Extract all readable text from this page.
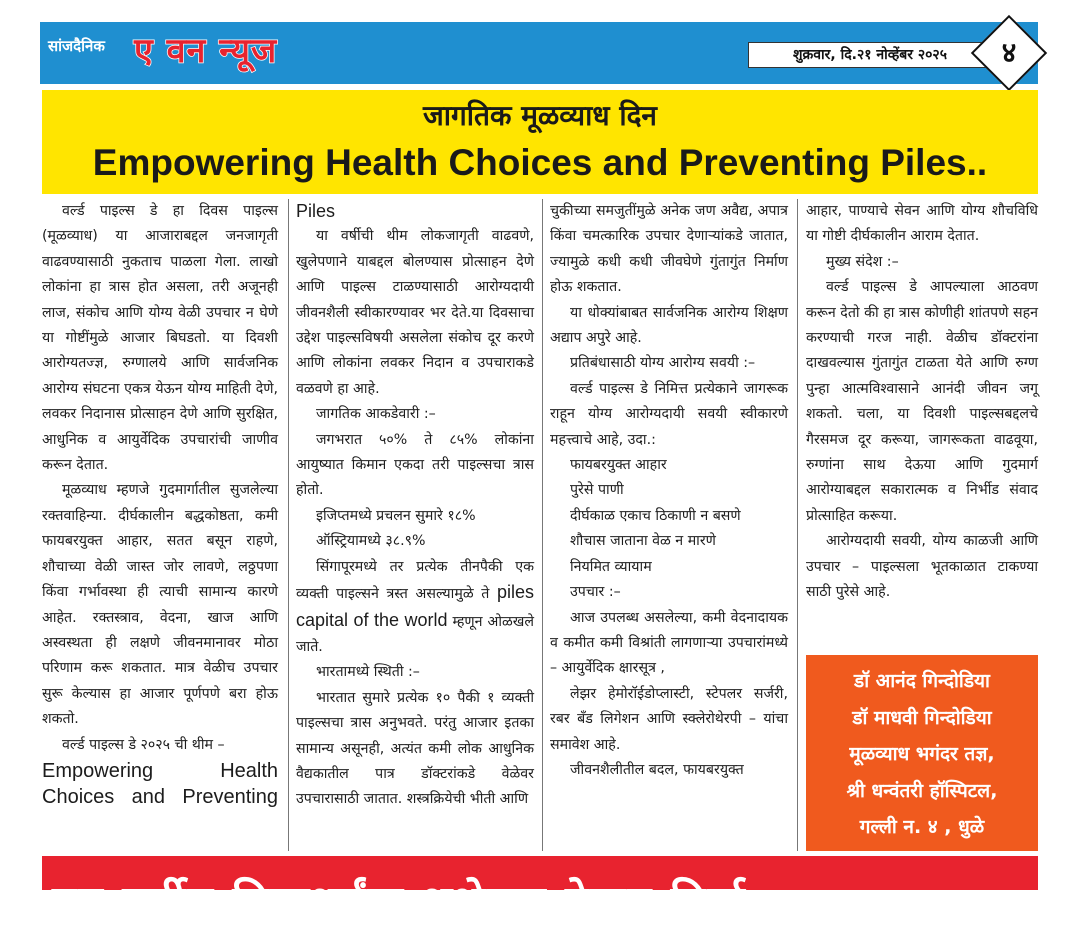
सांजदैनिक ए वन न्यूज	शुक्रवार, दि.२१ नोव्हेंबर २०२५	४
जागतिक मूळव्याध दिन
Empowering Health Choices and Preventing Piles..

वर्ल्ड पाइल्स डे हा दिवस पाइल्स (मूळव्याध) या आजाराबद्दल जनजागृती वाढवण्यासाठी नुकताच पाळला गेला. लाखो लोकांना हा त्रास होत असला, तरी अजूनही लाज, संकोच आणि योग्य वेळी उपचार न घेणे या गोष्टींमुळे आजार बिघडतो. या दिवशी आरोग्यतज्ज्ञ, रुग्णालये आणि सार्वजनिक आरोग्य संघटना एकत्र येऊन योग्य माहिती देणे, लवकर निदानास प्रोत्साहन देणे आणि सुरक्षित, आधुनिक व आयुर्वेदिक उपचारांची जाणीव करून देतात.

मूळव्याध म्हणजे गुदमार्गातील सुजलेल्या रक्तवाहिन्या. दीर्घकालीन बद्धकोष्ठता, कमी फायबरयुक्त आहार, सतत बसून राहणे, शौचाच्या वेळी जास्त जोर लावणे, लठ्ठपणा किंवा गर्भावस्था ही त्याची सामान्य कारणे आहेत. रक्तस्त्राव, वेदना, खाज आणि अस्वस्थता ही लक्षणे जीवनमानावर मोठा परिणाम करू शकतात. मात्र वेळीच उपचार सुरू केल्यास हा आजार पूर्णपणे बरा होऊ शकतो.

वर्ल्ड पाइल्स डे २०२५ ची थीम –

Empowering Health Choices and Preventing

Piles

या वर्षीची थीम लोकजागृती वाढवणे, खुलेपणाने याबद्दल बोलण्यास प्रोत्साहन देणे आणि पाइल्स टाळण्यासाठी आरोग्यदायी जीवनशैली स्वीकारण्यावर भर देते.या दिवसाचा उद्देश पाइल्सविषयी असलेला संकोच दूर करणे आणि लोकांना लवकर निदान व उपचाराकडे वळवणे हा आहे.

जागतिक आकडेवारी :–

जगभरात ५०% ते ८५% लोकांना आयुष्यात किमान एकदा तरी पाइल्सचा त्रास होतो.

इजिप्तमध्ये प्रचलन सुमारे १८%

ऑस्ट्रियामध्ये ३८.९%

सिंगापूरमध्ये तर प्रत्येक तीनपैकी एक व्यक्ती पाइल्सने त्रस्त असल्यामुळे ते piles capital of the world म्हणून ओळखले जाते.

भारतामध्ये स्थिती :–

भारतात सुमारे प्रत्येक १० पैकी १ व्यक्ती पाइल्सचा त्रास अनुभवते. परंतु आजार इतका सामान्य असूनही, अत्यंत कमी लोक आधुनिक वैद्यकातील पात्र डॉक्टरांकडे वेळेवर उपचारासाठी जातात. शस्त्रक्रियेची भीती आणि

चुकीच्या समजुतींमुळे अनेक जण अवैद्य, अपात्र किंवा चमत्कारिक उपचार देणाऱ्यांकडे जातात, ज्यामुळे कधी कधी जीवघेणे गुंतागुंत निर्माण होऊ शकतात.

या धोक्यांबाबत सार्वजनिक आरोग्य शिक्षण अद्याप अपुरे आहे.

प्रतिबंधासाठी योग्य आरोग्य सवयी :–

वर्ल्ड पाइल्स डे निमित्त प्रत्येकाने जागरूक राहून योग्य आरोग्यदायी सवयी स्वीकारणे महत्त्वाचे आहे, उदा.:

फायबरयुक्त आहार

पुरेसे पाणी

दीर्घकाळ एकाच ठिकाणी न बसणे

शौचास जाताना वेळ न मारणे

नियमित व्यायाम

उपचार :–

आज उपलब्ध असलेल्या, कमी वेदनादायक व कमीत कमी विश्रांती लागणाऱ्या उपचारांमध्ये – आयुर्वेदिक क्षारसूत्र ,

लेझर हेमोरॉईडोप्लास्टी, स्टेपलर सर्जरी, रबर बँड लिगेशन आणि स्क्लेरोथेरपी – यांचा समावेश आहे.

जीवनशैलीतील बदल, फायबरयुक्त

आहार, पाण्याचे सेवन आणि योग्य शौचविधि या गोष्टी दीर्घकालीन आराम देतात.

मुख्य संदेश :–

वर्ल्ड पाइल्स डे आपल्याला आठवण करून देतो की हा त्रास कोणीही शांतपणे सहन करण्याची गरज नाही. वेळीच डॉक्टरांना दाखवल्यास गुंतागुंत टाळता येते आणि रुग्ण पुन्हा आत्मविश्वासाने आनंदी जीवन जगू शकतो. चला, या दिवशी पाइल्सबद्दलचे गैरसमज दूर करूया, जागरूकता वाढवूया, रुग्णांना साथ देऊया आणि गुदमार्ग आरोग्याबद्दल सकारात्मक व निर्भीड संवाद प्रोत्साहित करूया.

आरोग्यदायी सवयी, योग्य काळजी आणि उपचार – पाइल्सला भूतकाळात टाकण्या साठी पुरेसे आहे.

डॉ आनंद गिन्दोडिया
डॉ माधवी गिन्दोडिया
मूळव्याध भगंदर तज्ञ,
श्री धन्वंतरी हॉस्पिटल,
गल्ली न. ४ , धुळे
नव वर्षीय विद्यार्थ्यांना शुभेच्छा देऊन दिर्घा
